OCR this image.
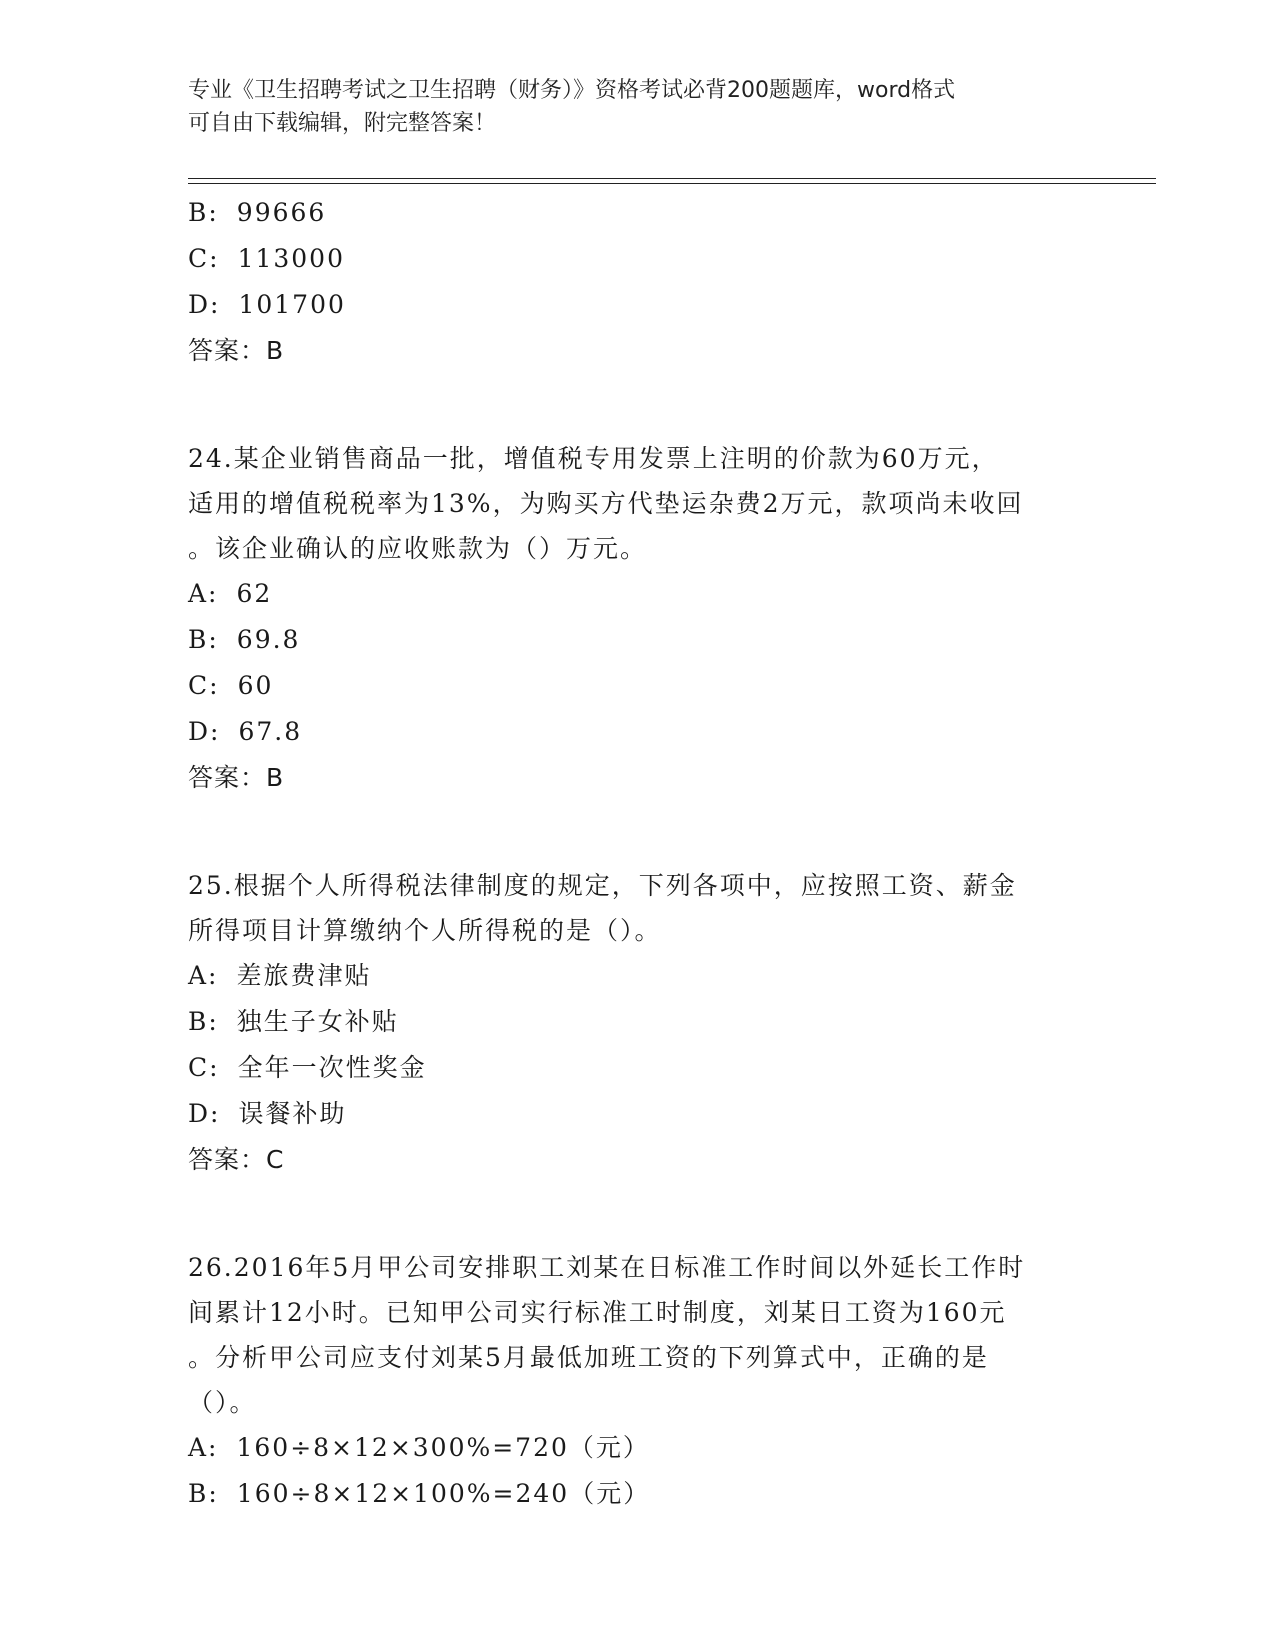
专业《卫生招聘考试之卫生招聘（财务）》资格考试必背200题题库，word格式
可自由下载编辑，附完整答案！
B: 99666
C: 113000
D: 101700
答案：B
24.某企业销售商品一批，增值税专用发票上注明的价款为60万元，
适用的增值税税率为13%，为购买方代垫运杂费2万元，款项尚未收回
。该企业确认的应收账款为（）万元。
A: 62
B: 69.8
C: 60
D: 67.8
答案：B
25.根据个人所得税法律制度的规定，下列各项中，应按照工资、薪金
所得项目计算缴纳个人所得税的是（）。
A: 差旅费津贴
B: 独生子女补贴
C: 全年一次性奖金
D: 误餐补助
答案：C
26.2016年5月甲公司安排职工刘某在日标准工作时间以外延长工作时
间累计12小时。已知甲公司实行标准工时制度，刘某日工资为160元
。分析甲公司应支付刘某5月最低加班工资的下列算式中，正确的是
（）。
A: 160÷8×12×300%=720（元）
B: 160÷8×12×100%=240（元）
